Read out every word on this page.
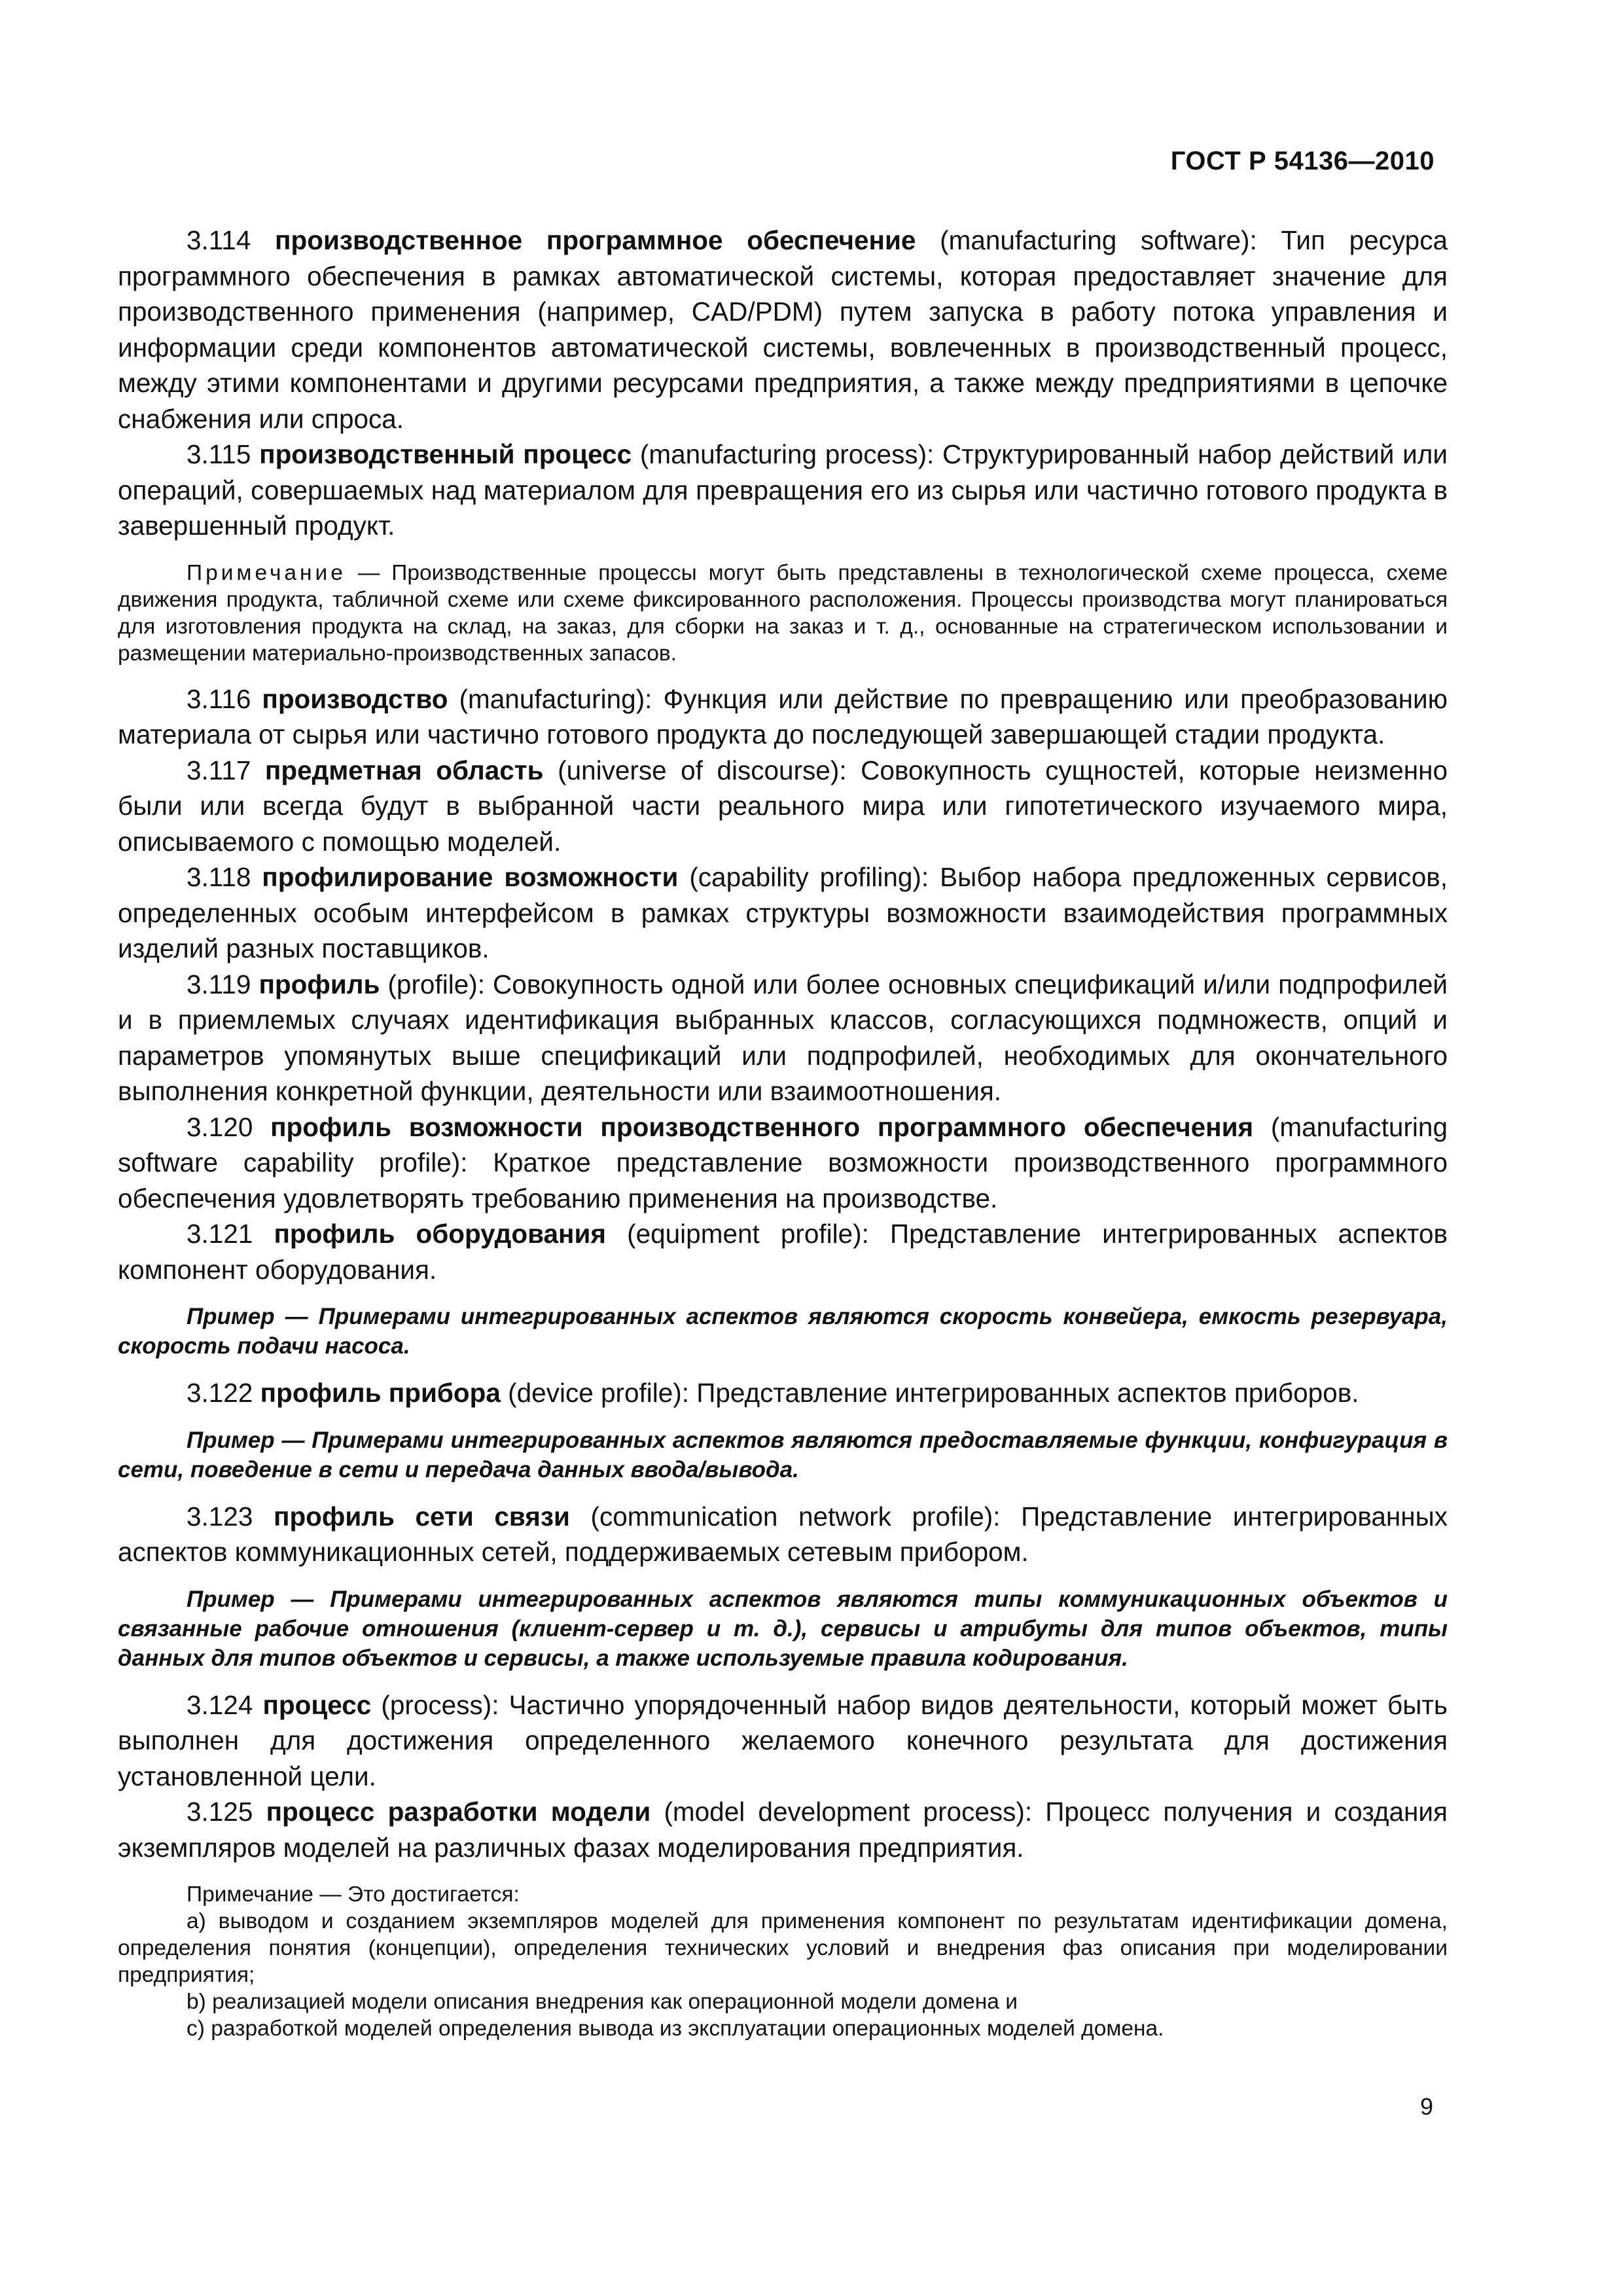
ГОСТ Р 54136—2010

3.114 производственное программное обеспечение (manufacturing software): Тип ресурса программного обеспечения в рамках автоматической системы, которая предоставляет значение для производственного применения (например, CAD/PDM) путем запуска в работу потока управления и информации среди компонентов автоматической системы, вовлеченных в производственный процесс, между этими компонентами и другими ресурсами предприятия, а также между предприятиями в цепочке снабжения или спроса.

3.115 производственный процесс (manufacturing process): Структурированный набор действий или операций, совершаемых над материалом для превращения его из сырья или частично готового продукта в завершенный продукт.

Примечание — Производственные процессы могут быть представлены в технологической схеме процесса, схеме движения продукта, табличной схеме или схеме фиксированного расположения. Процессы производства могут планироваться для изготовления продукта на склад, на заказ, для сборки на заказ и т. д., основанные на стратегическом использовании и размещении материально-производственных запасов.

3.116 производство (manufacturing): Функция или действие по превращению или преобразованию материала от сырья или частично готового продукта до последующей завершающей стадии продукта.

3.117 предметная область (universe of discourse): Совокупность сущностей, которые неизменно были или всегда будут в выбранной части реального мира или гипотетического изучаемого мира, описываемого с помощью моделей.

3.118 профилирование возможности (capability profiling): Выбор набора предложенных сервисов, определенных особым интерфейсом в рамках структуры возможности взаимодействия программных изделий разных поставщиков.

3.119 профиль (profile): Совокупность одной или более основных спецификаций и/или подпрофилей и в приемлемых случаях идентификация выбранных классов, согласующихся подмножеств, опций и параметров упомянутых выше спецификаций или подпрофилей, необходимых для окончательного выполнения конкретной функции, деятельности или взаимоотношения.

3.120 профиль возможности производственного программного обеспечения (manufacturing software capability profile): Краткое представление возможности производственного программного обеспечения удовлетворять требованию применения на производстве.

3.121 профиль оборудования (equipment profile): Представление интегрированных аспектов компонент оборудования.

Пример — Примерами интегрированных аспектов являются скорость конвейера, емкость резервуара, скорость подачи насоса.

3.122 профиль прибора (device profile): Представление интегрированных аспектов приборов.

Пример — Примерами интегрированных аспектов являются предоставляемые функции, конфигурация в сети, поведение в сети и передача данных ввода/вывода.

3.123 профиль сети связи (communication network profile): Представление интегрированных аспектов коммуникационных сетей, поддерживаемых сетевым прибором.

Пример — Примерами интегрированных аспектов являются типы коммуникационных объектов и связанные рабочие отношения (клиент-сервер и т. д.), сервисы и атрибуты для типов объектов, типы данных для типов объектов и сервисы, а также используемые правила кодирования.

3.124 процесс (process): Частично упорядоченный набор видов деятельности, который может быть выполнен для достижения определенного желаемого конечного результата для достижения установленной цели.

3.125 процесс разработки модели (model development process): Процесс получения и создания экземпляров моделей на различных фазах моделирования предприятия.

Примечание — Это достигается:

а) выводом и созданием экземпляров моделей для применения компонент по результатам идентификации домена, определения понятия (концепции), определения технических условий и внедрения фаз описания при моделировании предприятия;

b) реализацией модели описания внедрения как операционной модели домена и

c) разработкой моделей определения вывода из эксплуатации операционных моделей домена.

9
